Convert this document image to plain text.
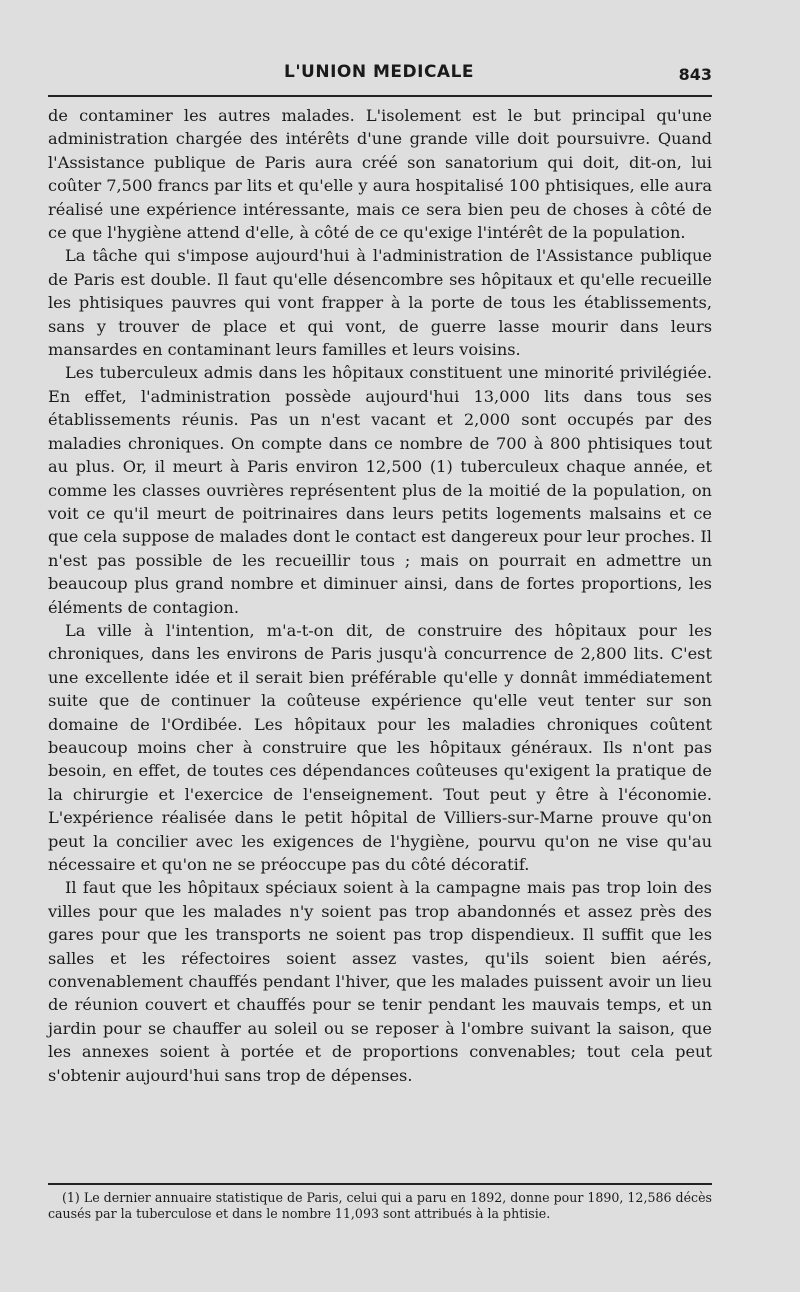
L'UNION MEDICALE	843

de contaminer les autres malades. L'isolement est le but principal qu'une administration chargée des intérêts d'une grande ville doit poursuivre. Quand l'Assistance publique de Paris aura créé son sanatorium qui doit, dit-on, lui coûter 7,500 francs par lits et qu'elle y aura hospitalisé 100 phtisiques, elle aura réalisé une expérience intéressante, mais ce sera bien peu de choses à côté de ce que l'hygiène attend d'elle, à côté de ce qu'exige l'intérêt de la population.

La tâche qui s'impose aujourd'hui à l'administration de l'Assistance publique de Paris est double. Il faut qu'elle désencombre ses hôpitaux et qu'elle recueille les phtisiques pauvres qui vont frapper à la porte de tous les établissements, sans y trouver de place et qui vont, de guerre lasse mourir dans leurs mansardes en contaminant leurs familles et leurs voisins.

Les tuberculeux admis dans les hôpitaux constituent une minorité privilégiée. En effet, l'administration possède aujourd'hui 13,000 lits dans tous ses établissements réunis. Pas un n'est vacant et 2,000 sont occupés par des maladies chroniques. On compte dans ce nombre de 700 à 800 phtisiques tout au plus. Or, il meurt à Paris environ 12,500 (1) tuberculeux chaque année, et comme les classes ouvrières représentent plus de la moitié de la population, on voit ce qu'il meurt de poitrinaires dans leurs petits logements malsains et ce que cela suppose de malades dont le contact est dangereux pour leur proches. Il n'est pas possible de les recueillir tous ; mais on pourrait en admettre un beaucoup plus grand nombre et diminuer ainsi, dans de fortes proportions, les éléments de contagion.

La ville à l'intention, m'a-t-on dit, de construire des hôpitaux pour les chroniques, dans les environs de Paris jusqu'à concurrence de 2,800 lits. C'est une excellente idée et il serait bien préférable qu'elle y donnât immédiatement suite que de continuer la coûteuse expérience qu'elle veut tenter sur son domaine de l'Ordibée. Les hôpitaux pour les maladies chroniques coûtent beaucoup moins cher à construire que les hôpitaux généraux. Ils n'ont pas besoin, en effet, de toutes ces dépendances coûteuses qu'exigent la pratique de la chirurgie et l'exercice de l'enseignement. Tout peut y être à l'économie. L'expérience réalisée dans le petit hôpital de Villiers-sur-Marne prouve qu'on peut la concilier avec les exigences de l'hygiène, pourvu qu'on ne vise qu'au nécessaire et qu'on ne se préoccupe pas du côté décoratif.

Il faut que les hôpitaux spéciaux soient à la campagne mais pas trop loin des villes pour que les malades n'y soient pas trop abandonnés et assez près des gares pour que les transports ne soient pas trop dispendieux. Il suffit que les salles et les réfectoires soient assez vastes, qu'ils soient bien aérés, convenablement chauffés pendant l'hiver, que les malades puissent avoir un lieu de réunion couvert et chauffés pour se tenir pendant les mauvais temps, et un jardin pour se chauffer au soleil ou se reposer à l'ombre suivant la saison, que les annexes soient à portée et de proportions convenables; tout cela peut s'obtenir aujourd'hui sans trop de dépenses.

(1) Le dernier annuaire statistique de Paris, celui qui a paru en 1892, donne pour 1890, 12,586 décès causés par la tuberculose et dans le nombre 11,093 sont attribués à la phtisie.
